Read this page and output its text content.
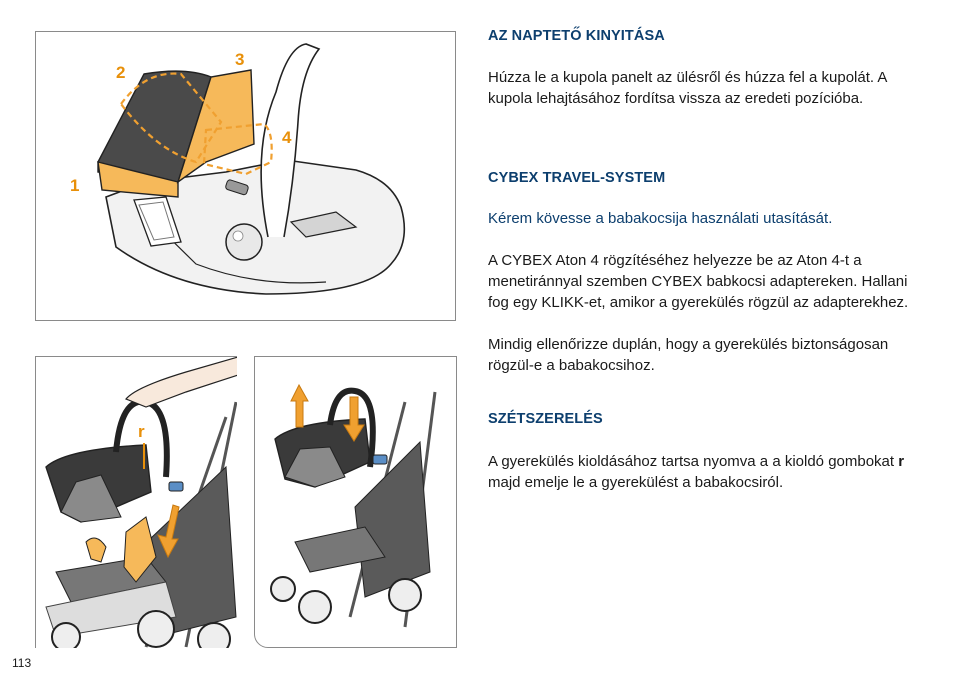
2
3
4
1
r
AZ NAPTETŐ KINYITÁSA

Húzza le a kupola panelt az ülésről és húzza fel a kupolát. A kupola lehajtásához fordítsa vissza az eredeti pozícióba.

CYBEX TRAVEL-SYSTEM

Kérem kövesse a babakocsija használati utasítását.

A CYBEX Aton 4 rögzítéséhez helyezze be az Aton 4-t a menetiránnyal szemben CYBEX babkocsi adaptereken. Hallani fog egy KLIKK-et, amikor a gyerekülés rögzül az adapterekhez.

Mindig ellenőrizze duplán, hogy a gyerekülés biztonságosan rögzül-e a babakocsihoz.

SZÉTSZERELÉS

A gyerekülés kioldásához tartsa nyomva a a kioldó gombokat r majd emelje le a gyerekülést a babakocsiról.

113
